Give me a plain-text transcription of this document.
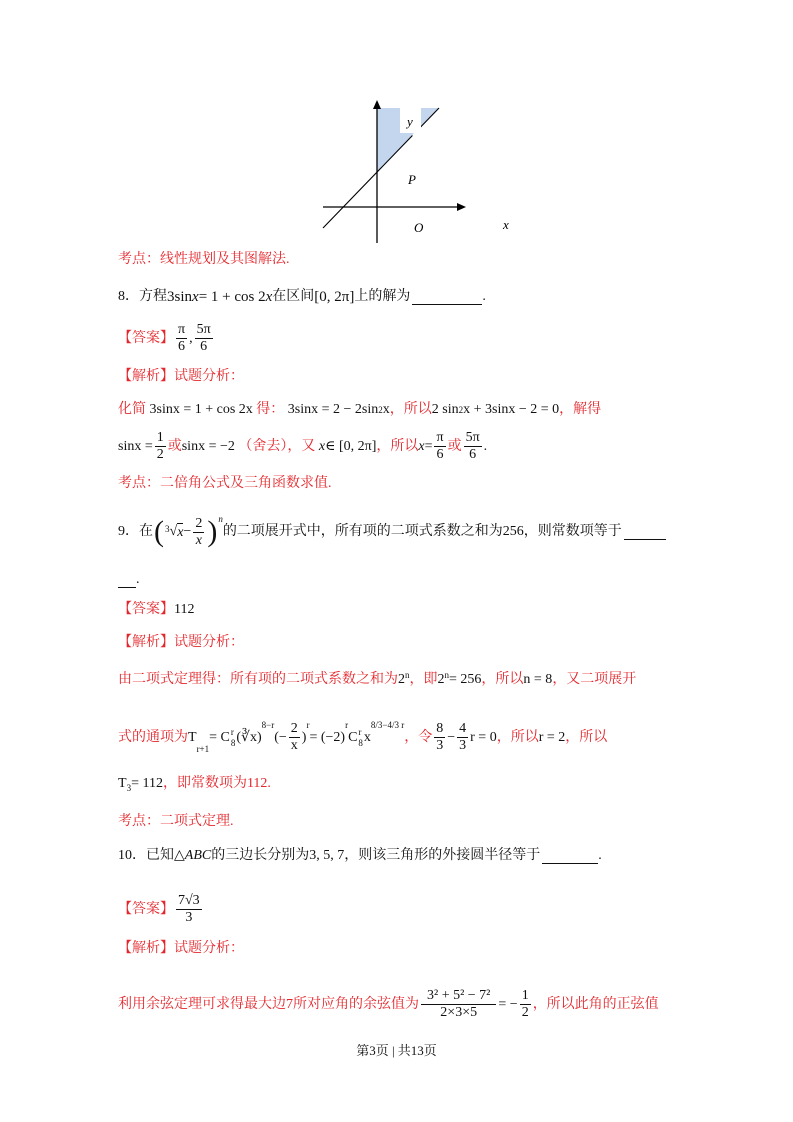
y
P
O	x
考点：线性规划及其图解法.
8． 方程 3sin x = 1 + cos 2 x 在区间 [0, 2π] 上的解为	.
【答案】 $\frac{\pi}{6}$ , $\frac{5\pi}{6}$
【解析】 试题分析：
化简
3sinx = 1 + cos 2x
得：
3sinx = 2 − 2sin 2 x ，所以 2 sin 2 x + 3sinx − 2 = 0 ，解得
$\sin x = \frac{1}{2}$ 或 sinx = −2
（舍去），又
x ∈ [0, 2π] ，所以 $x = \frac{\pi}{6}$ 或 $\frac{5\pi}{6}$ .
考点：二倍角公式及三角函数求值.
9．在 ( 3 √ $x - \frac{2}{x} )^n$
的二项展开式中，所有项的二项式系数之和为256，则常数项等于
.
【答案】 112
【解析】 试题分析：
由二项式定理得：所有项的二项式系数之和为 2$^n$ ，即 $2^n = 256$ ，所以 n = 8 ，又二项展开
式的通项为 T
$_{r+1}$
= C r
8 (∛x)
$^{8-r}$
(− $\frac{2}{x}$ )
$^r$
= (−2)
$^r$
C r
8 x
$^{8/3-4/3 r}$
，令 $\frac{8}{3} - \frac{4}{3}$ r = 0 ，所以 r = 2 ，所以
$T_3 = 112$ ，即常数项为112.
考点：二项式定理.
10．已知△ ABC 的三边长分别为3, 5, 7，则该三角形的外接圆半径等于	.
【答案】 $\frac{7√3}{3}$
【解析】 试题分析：
利用余弦定理可求得最大边7所对应角的余弦值为 $\frac{\text{3² + 5² − 7²}}{2\times 3\times 5}$ = − $\frac{1}{2}$ ，所以此角的正弦值
第3页 | 共13页
